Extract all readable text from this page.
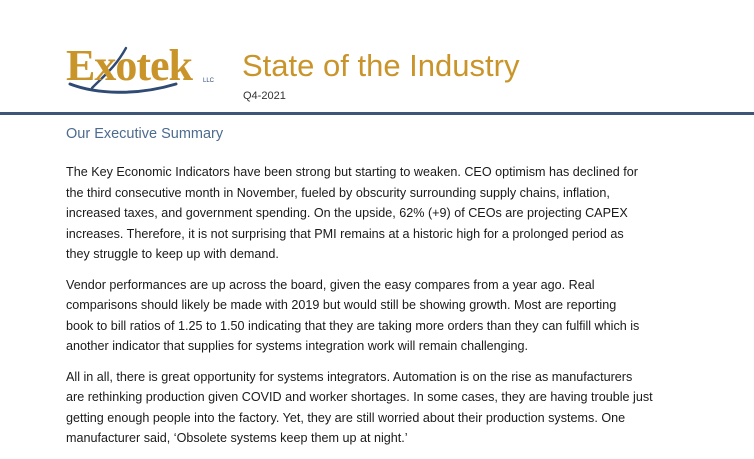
Exotek LLC State of the Industry
Q4-2021
Our Executive Summary

The Key Economic Indicators have been strong but starting to weaken. CEO optimism has declined for
the third consecutive month in November, fueled by obscurity surrounding supply chains, inflation,
increased taxes, and government spending. On the upside, 62% (+9) of CEOs are projecting CAPEX
increases. Therefore, it is not surprising that PMI remains at a historic high for a prolonged period as
they struggle to keep up with demand.

Vendor performances are up across the board, given the easy compares from a year ago. Real
comparisons should likely be made with 2019 but would still be showing growth. Most are reporting
book to bill ratios of 1.25 to 1.50 indicating that they are taking more orders than they can fulfill which is
another indicator that supplies for systems integration work will remain challenging.

All in all, there is great opportunity for systems integrators. Automation is on the rise as manufacturers
are rethinking production given COVID and worker shortages. In some cases, they are having trouble just
getting enough people into the factory. Yet, they are still worried about their production systems. One
manufacturer said, ‘Obsolete systems keep them up at night.’
